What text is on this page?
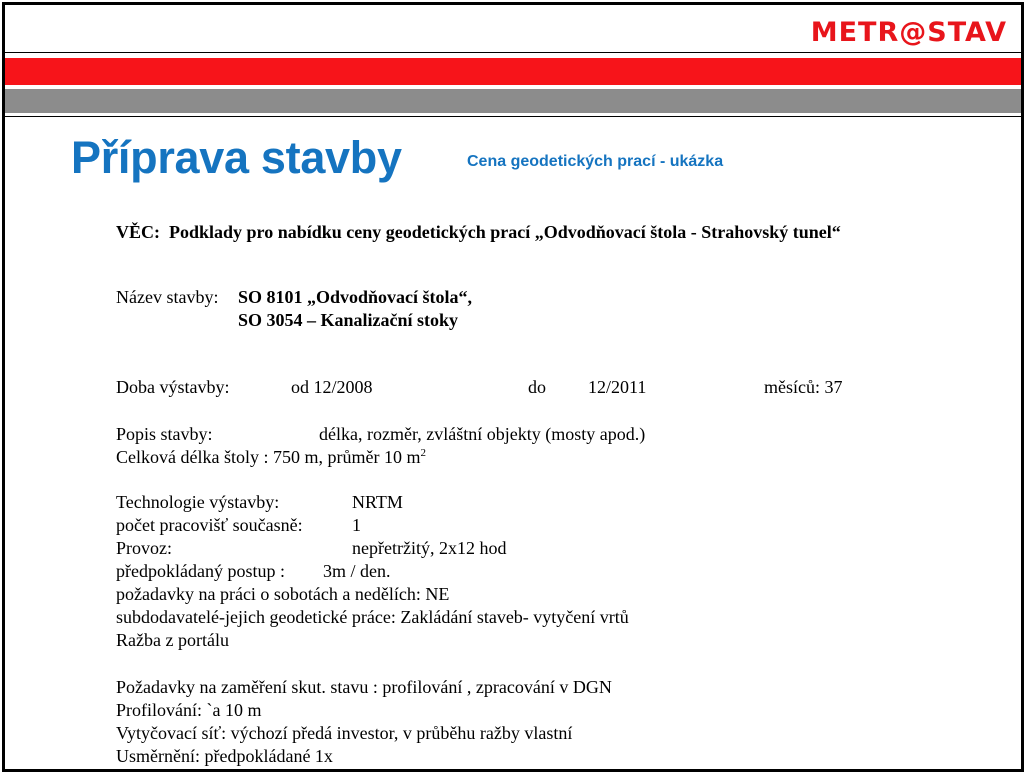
METR@STAV
Příprava stavby	Cena geodetických prací - ukázka
VĚC: Podklady pro nabídku ceny geodetických prací „Odvodňovací štola - Strahovský tunel“
Název stavby: SO 8101 „Odvodňovací štola“,
SO 3054 – Kanalizační stoky
Doba výstavby:	od 12/2008	do 12/2011	měsíců: 37
Popis stavby:	délka, rozměr, zvláštní objekty (mosty apod.)
Celková délka štoly : 750 m, průměr 10 $m^2$
Technologie výstavby:	NRTM
počet pracovišť současně:	1
Provoz:	nepřetržitý, 2x12 hod
předpokládaný postup : 3m / den.
požadavky na práci o sobotách a nedělích: NE
subdodavatelé-jejich geodetické práce: Zakládání staveb- vytyčení vrtů
Ražba z portálu
Požadavky na zaměření skut. stavu : profilování , zpracování v DGN
Profilování: `a 10 m
Vytyčovací síť: výchozí předá investor, v průběhu ražby vlastní
Usměrnění: předpokládané 1x
